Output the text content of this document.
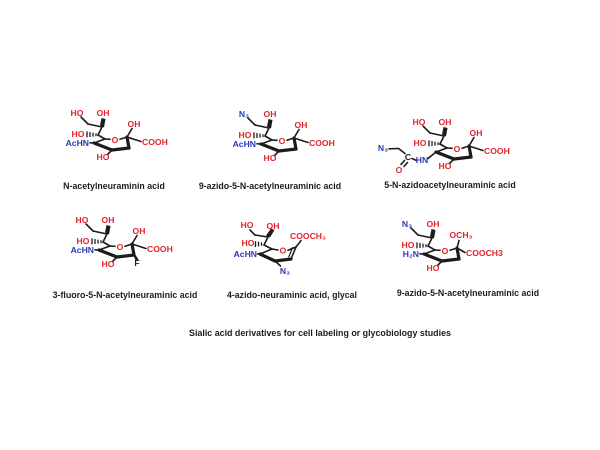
HO OH
HO
AcHN	O
OH
COOH
HO
N-acetylneuraminin acid
N₃ OH
HO
AcHN	O
OH
COOH
HO
9-azido-5-N-acetylneuraminic acid
HO OH
HO
N₃
C
O
HN
O
OH
COOH
HO
5-N-azidoacetylneuraminic acid
HO OH
HO
AcHN	O
OH
COOH
HO F
3-fluoro-5-N-acetylneuraminic acid
HO OH
HO
AcHN	O
COOCH₃
N₃
4-azido-neuraminic acid, glycal
N₃ OH
HO
H₂N	O
OCH₃
COOCH3
HO
9-azido-5-N-acetylneuraminic acid
Sialic acid derivatives for cell labeling or glycobiology studies
